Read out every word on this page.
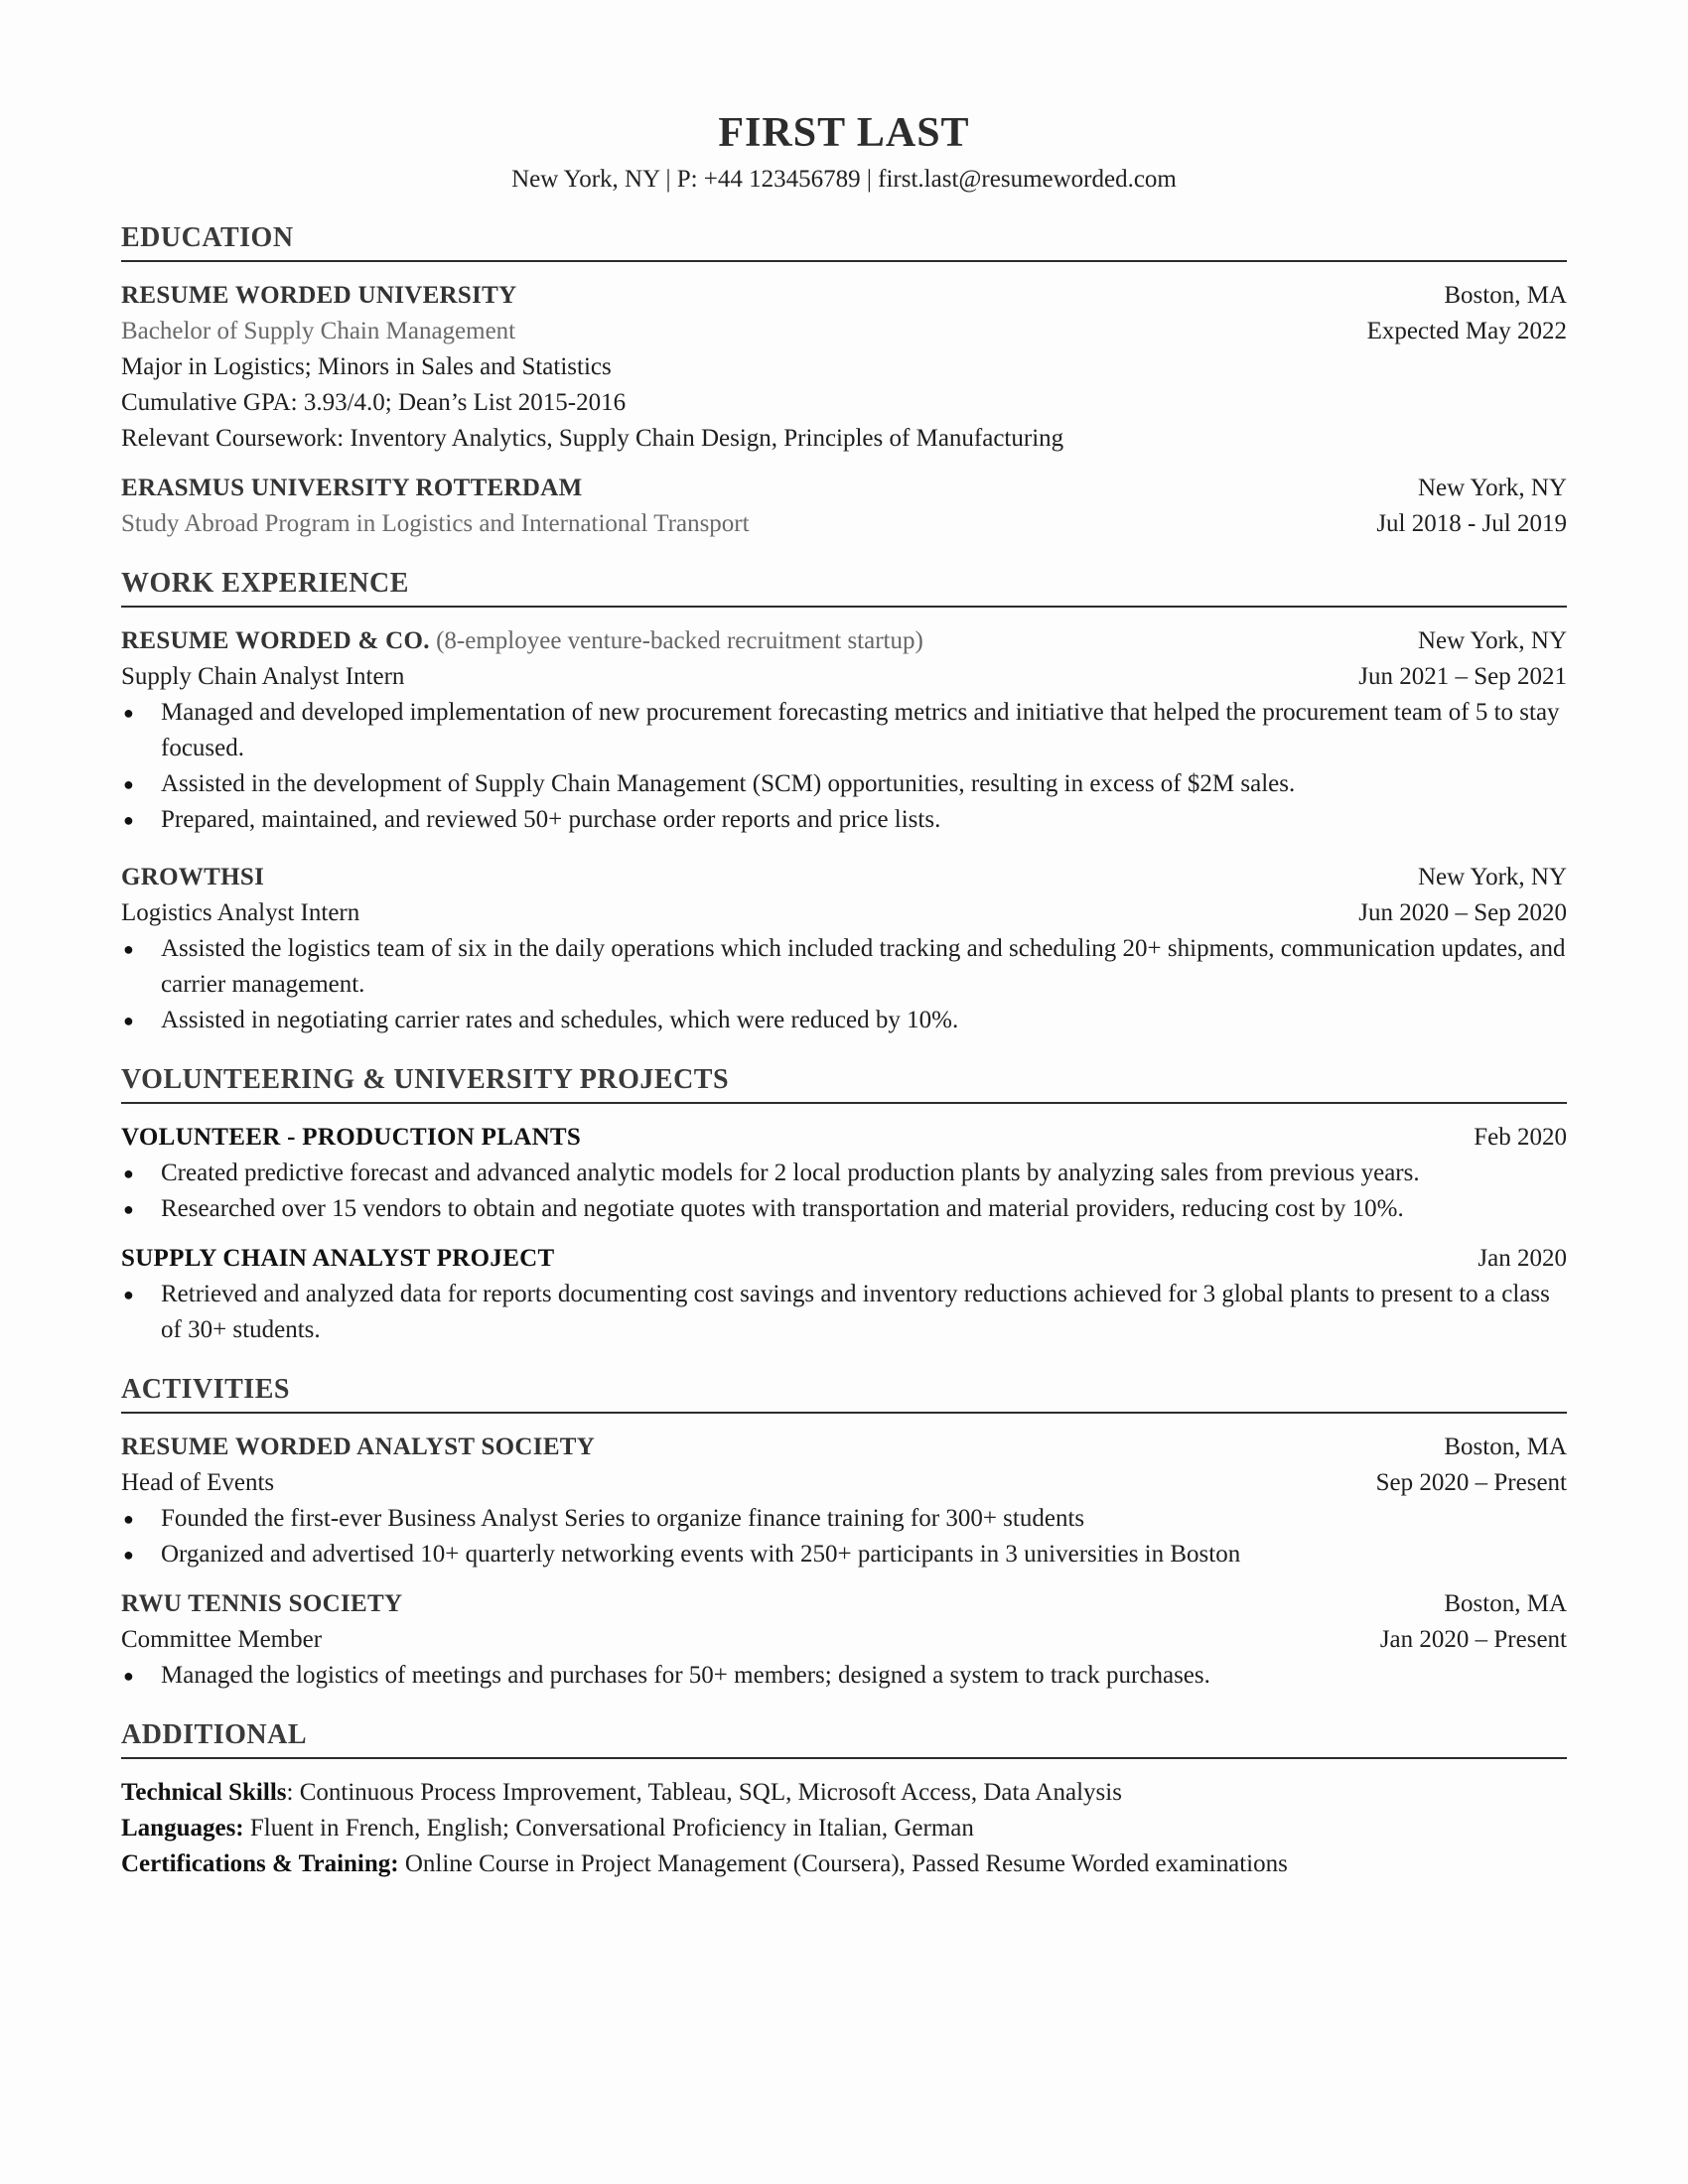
FIRST LAST
New York, NY | P: +44 123456789 | first.last@resumeworded.com
EDUCATION
RESUME WORDED UNIVERSITY	Boston, MA
Bachelor of Supply Chain Management	Expected May 2022
Major in Logistics; Minors in Sales and Statistics
Cumulative GPA: 3.93/4.0; Dean’s List 2015-2016
Relevant Coursework: Inventory Analytics, Supply Chain Design, Principles of Manufacturing
ERASMUS UNIVERSITY ROTTERDAM	New York, NY
Study Abroad Program in Logistics and International Transport	Jul 2018 - Jul 2019
WORK EXPERIENCE
RESUME WORDED & CO. (8-employee venture-backed recruitment startup)	New York, NY
Supply Chain Analyst Intern	Jun 2021 – Sep 2021
● Managed and developed implementation of new procurement forecasting metrics and initiative that helped the procurement team of 5 to stay focused.
● Assisted in the development of Supply Chain Management (SCM) opportunities, resulting in excess of $2M sales.
● Prepared, maintained, and reviewed 50+ purchase order reports and price lists.
GROWTHSI	New York, NY
Logistics Analyst Intern	Jun 2020 – Sep 2020
● Assisted the logistics team of six in the daily operations which included tracking and scheduling 20+ shipments, communication updates, and carrier management.
● Assisted in negotiating carrier rates and schedules, which were reduced by 10%.
VOLUNTEERING & UNIVERSITY PROJECTS
VOLUNTEER - PRODUCTION PLANTS	Feb 2020
● Created predictive forecast and advanced analytic models for 2 local production plants by analyzing sales from previous years.
● Researched over 15 vendors to obtain and negotiate quotes with transportation and material providers, reducing cost by 10%.
SUPPLY CHAIN ANALYST PROJECT	Jan 2020
● Retrieved and analyzed data for reports documenting cost savings and inventory reductions achieved for 3 global plants to present to a class of 30+ students.
ACTIVITIES
RESUME WORDED ANALYST SOCIETY	Boston, MA
Head of Events	Sep 2020 – Present
● Founded the first-ever Business Analyst Series to organize finance training for 300+ students
● Organized and advertised 10+ quarterly networking events with 250+ participants in 3 universities in Boston
RWU TENNIS SOCIETY	Boston, MA
Committee Member	Jan 2020 – Present
● Managed the logistics of meetings and purchases for 50+ members; designed a system to track purchases.
ADDITIONAL
Technical Skills: Continuous Process Improvement, Tableau, SQL, Microsoft Access, Data Analysis
Languages: Fluent in French, English; Conversational Proficiency in Italian, German
Certifications & Training: Online Course in Project Management (Coursera), Passed Resume Worded examinations
